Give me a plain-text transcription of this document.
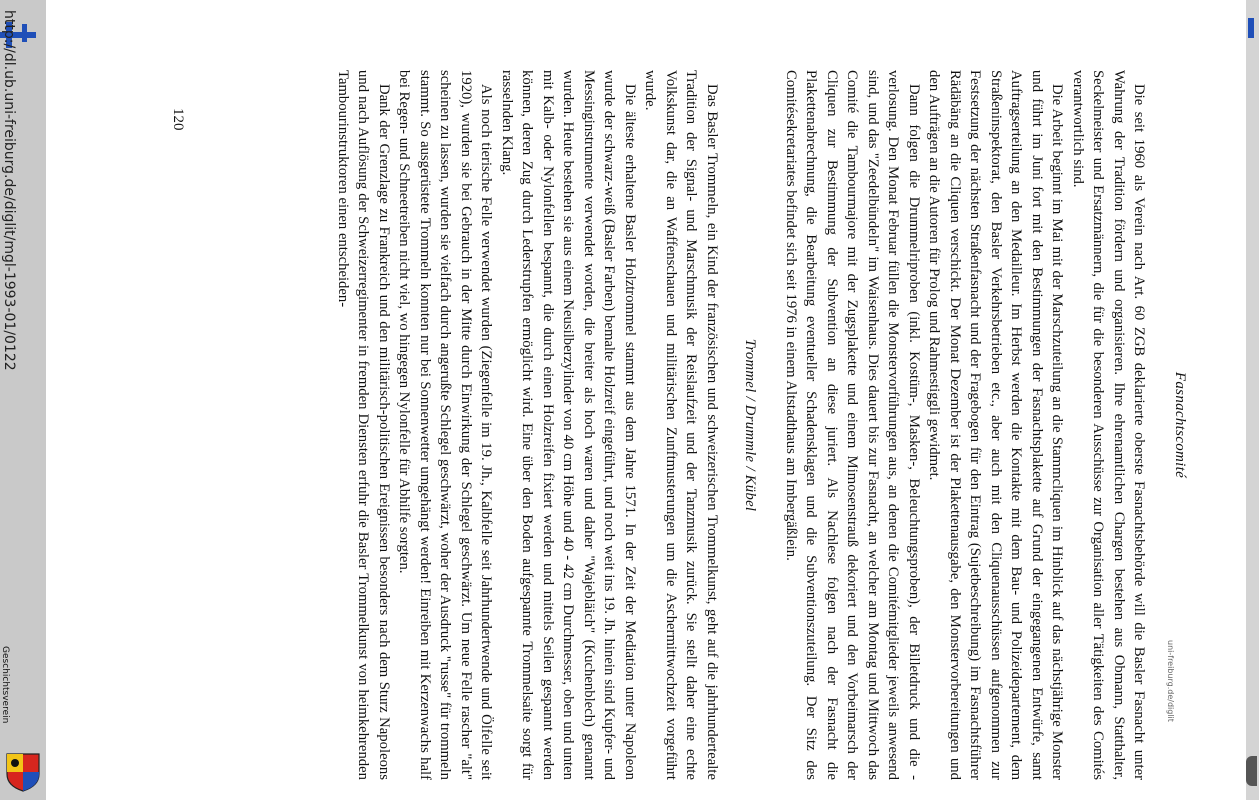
http://dl.ub.uni-freiburg.de/diglit/mgl-1993-01/0122
Geschichtsverein	uni-freiburg.de/diglit

Fasnachtscomité

Die seit 1960 als Verein nach Art. 60 ZGB deklarierte oberste Fasnachtsbehörde will die Basler Fasnacht unter Wahrung der Tradition fördern und organisieren. Ihre ehrenamtlichen Chargen bestehen aus Obmann, Statthalter, Seckelmeister und Ersatzmännern, die für die besonderen Ausschüsse zur Organisation aller Tätigkeiten des Comités verantwortlich sind.

Die Arbeit beginnt im Mai mit der Marschzuteilung an die Stammcliquen im Hinblick auf das nächstjährige Monster und führt im Juni fort mit den Bestimmungen der Fasnachtsplakette auf Grund der eingegangenen Entwürfe, samt Auftragserteilung an den Medailleur. Im Herbst werden die Kontakte mit dem Bau- und Polizeidepartement, dem Straßeninspektorat, den Basler Verkehrsbetrieben etc., aber auch mit den Cliquenausschüssen aufgenommen zur Festsetzung der nächsten Straßenfasnacht und der Fragebogen für den Eintrag (Sujetbeschreibung) im Fasnachtsführer Rädäbäng an die Cliquen verschickt. Der Monat Dezember ist der Plakettenausgabe, den Monstervorbereitungen und den Aufträgen an die Autoren für Prolog und Rahmestiggli gewidmet.

Dann folgen die Drummelriproben (inkl. Kostüm-, Masken-, Beleuchtungsproben), der Billetdruck und die -verlosung. Den Monat Februar füllen die Monstervorführungen aus, an denen die Comitémitglieder jeweils anwesend sind, und das "Zeedelbündeln" im Waisenhaus. Dies dauert bis zur Fasnacht, an welcher am Montag und Mittwoch das Comité die Tambourmajore mit der Zugsplakette und einem Mimosenstrauß dekoriert und den Vorbeimarsch der Cliquen zur Bestimmung der Subvention an diese juriert. Als Nachlese folgen nach der Fasnacht die Plakettenabrechnung, die Bearbeitung eventueller Schadensklagen und die Subventionszuteilung. Der Sitz des Comitésekretariates befindet sich seit 1976 in einem Altstadthaus am Imbergäßlein.

Trommel / Drummle / Kübel

Das Basler Trommeln, ein Kind der französischen und schweizerischen Trommelkunst, geht auf die jahrhundertealte Tradition der Signal- und Marschmusik der Reislaufzeit und der Tanzmusik zurück. Sie stellt daher eine echte Volkskunst dar, die an Waffenschauen und militärischen Zunftmusterungen um die Aschermittwochzeit vorgeführt wurde.

Die älteste erhaltene Basler Holztrommel stammt aus dem Jahre 1571. In der Zeit der Mediation unter Napoleon wurde der schwarz-weiß (Basler Farben) bemalte Holzreif eingeführt, und noch weit ins 19. Jh. hinein sind Kupfer- und Messinginstrumente verwendet worden, die breiter als hoch waren und daher "Wajebläich" (Kuchenblech) genannt wurden. Heute bestehen sie aus einem Neusilberzylinder von 40 cm Höhe und 40 - 42 cm Durchmesser, oben und unten mit Kalb- oder Nylonfellen bespannt, die durch einen Holzreifen fixiert werden und mittels Seilen gespannt werden können, deren Zug durch Lederstrupfen ermöglicht wird. Eine über den Boden aufgespannte Trommelsaite sorgt für rasselnden Klang.

Als noch tierische Felle verwendet wurden (Ziegenfelle im 19. Jh., Kalbfelle seit Jahrhundertwende und Ölfelle seit 1920), wurden sie bei Gebrauch in der Mitte durch Einwirkung der Schlegel geschwärzt. Um neue Felle rascher "alt" scheinen zu lassen, wurden sie vielfach durch angerußte Schlegel geschwärzt, woher der Ausdruck "russe" für trommeln stammt. So ausgerüstete Trommeln konnten nur bei Sonnenwetter umgehängt werden! Einreiben mit Kerzenwachs half bei Regen- und Schneetreiben nicht viel, wo hingegen Nylonfelle für Abhilfe sorgten.

Dank der Grenzlage zu Frankreich und den militärisch-politischen Ereignissen besonders nach dem Sturz Napoleons und nach Auflösung der Schweizerregimenter in fremden Diensten erfuhr die Basler Trommelkunst von heimkehrenden Tambourinstruktoren einen entscheiden-

120
